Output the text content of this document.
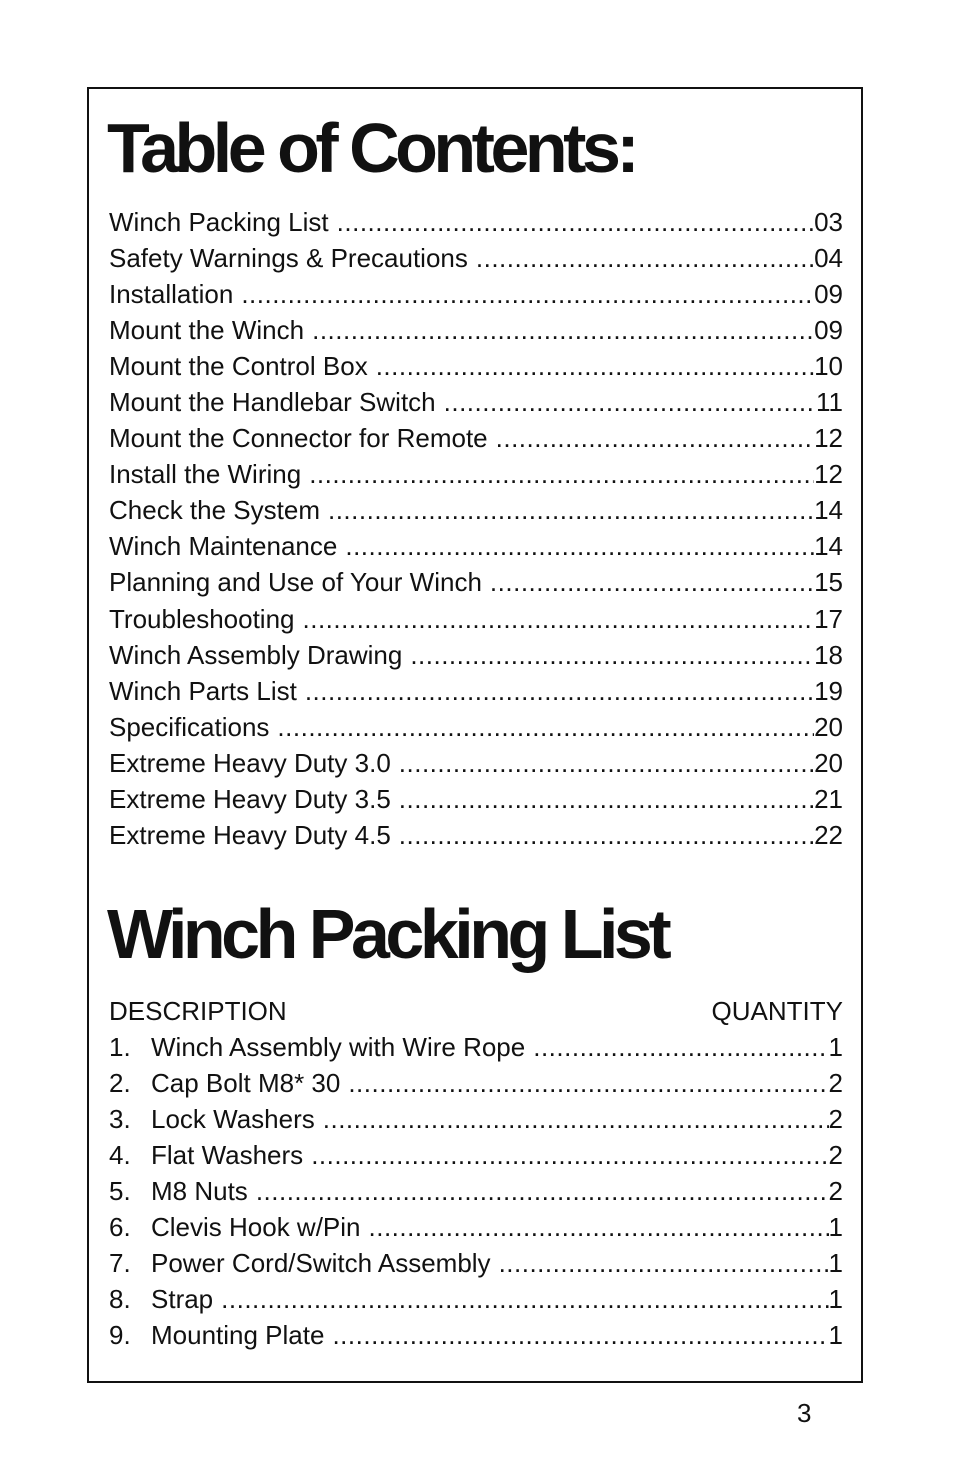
Table of Contents:
Winch Packing List .....	03
Safety Warnings & Precautions .....	04
Installation .....	09
Mount the Winch .....	09
Mount the Control Box .....	10
Mount the Handlebar Switch .....	11
Mount the Connector for Remote .....	12
Install the Wiring .....	12
Check the System .....	14
Winch Maintenance .....	14
Planning and Use of Your Winch .....	15
Troubleshooting .....	17
Winch Assembly Drawing .....	18
Winch Parts List .....	19
Specifications .....	20
Extreme Heavy Duty 3.0 .....	20
Extreme Heavy Duty 3.5 .....	21
Extreme Heavy Duty 4.5 .....	22
Winch Packing List
DESCRIPTION	QUANTITY
1. Winch Assembly with Wire Rope .....	1
2. Cap Bolt M8* 30 .....	2
3. Lock Washers .....	2
4. Flat Washers .....	2
5. M8 Nuts .....	2
6. Clevis Hook w/Pin .....	1
7. Power Cord/Switch Assembly .....	1
8. Strap .....	1
9. Mounting Plate .....	1
3
